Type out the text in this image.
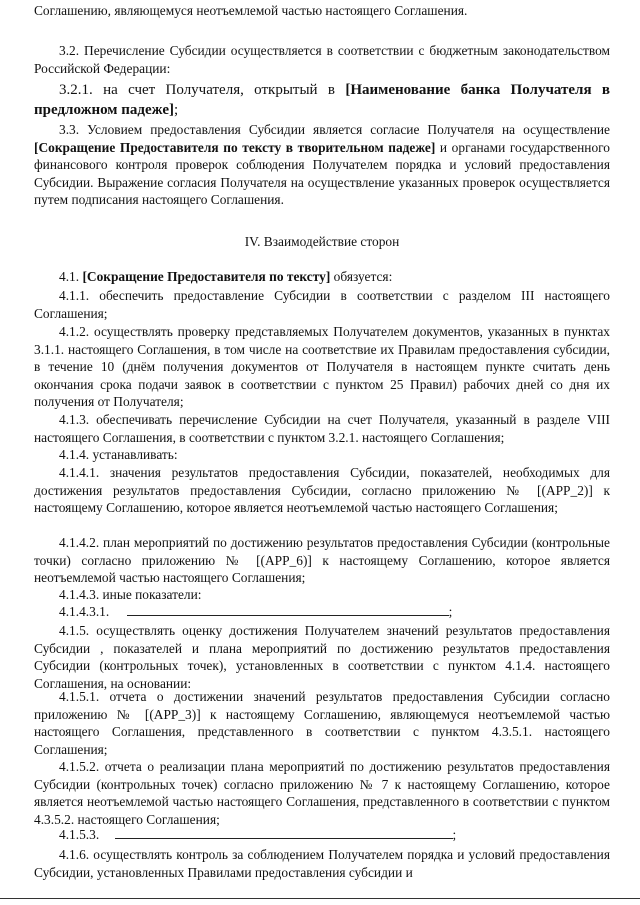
Соглашению, являющемуся неотъемлемой частью настоящего Соглашения.

3.2. Перечисление Субсидии осуществляется в соответствии с бюджетным законодательством Российской Федерации:

3.2.1. на счет Получателя, открытый в [Наименование банка Получателя в предложном падеже];

3.3. Условием предоставления Субсидии является согласие Получателя на осуществление [Сокращение Предоставителя по тексту в творительном падеже] и органами государственного финансового контроля проверок соблюдения Получателем порядка и условий предоставления Субсидии. Выражение согласия Получателя на осуществление указанных проверок осуществляется путем подписания настоящего Соглашения.

IV. Взаимодействие сторон

4.1. [Сокращение Предоставителя по тексту] обязуется:

4.1.1. обеспечить предоставление Субсидии в соответствии с разделом III настоящего Соглашения;

4.1.2. осуществлять проверку представляемых Получателем документов, указанных в пунктах 3.1.1. настоящего Соглашения, в том числе на соответствие их Правилам предоставления субсидии, в течение 10 (днём получения документов от Получателя в настоящем пункте считать день окончания срока подачи заявок в соответствии с пунктом 25 Правил) рабочих дней со дня их получения от Получателя;

4.1.3. обеспечивать перечисление Субсидии на счет Получателя, указанный в разделе VIII настоящего Соглашения, в соответствии с пунктом 3.2.1. настоящего Соглашения;

4.1.4. устанавливать:

4.1.4.1. значения результатов предоставления Субсидии, показателей, необходимых для достижения результатов предоставления Субсидии, согласно приложению № [(APP_2)] к настоящему Соглашению, которое является неотъемлемой частью настоящего Соглашения;

4.1.4.2. план мероприятий по достижению результатов предоставления Субсидии (контрольные точки) согласно приложению № [(APP_6)] к настоящему Соглашению, которое является неотъемлемой частью настоящего Соглашения;

4.1.4.3. иные показатели:

4.1.4.3.1.	;

4.1.5. осуществлять оценку достижения Получателем значений результатов предоставления Субсидии , показателей и плана мероприятий по достижению результатов предоставления Субсидии (контрольных точек), установленных в соответствии с пунктом 4.1.4. настоящего Соглашения, на основании:

4.1.5.1. отчета о достижении значений результатов предоставления Субсидии согласно приложению № [(APP_3)] к настоящему Соглашению, являющемуся неотъемлемой частью настоящего Соглашения, представленного в соответствии с пунктом 4.3.5.1. настоящего Соглашения;

4.1.5.2. отчета о реализации плана мероприятий по достижению результатов предоставления Субсидии (контрольных точек) согласно приложению № 7 к настоящему Соглашению, которое является неотъемлемой частью настоящего Соглашения, представленного в соответствии с пунктом 4.3.5.2. настоящего Соглашения;

4.1.5.3.	;

4.1.6. осуществлять контроль за соблюдением Получателем порядка и условий предоставления Субсидии, установленных Правилами предоставления субсидии и
